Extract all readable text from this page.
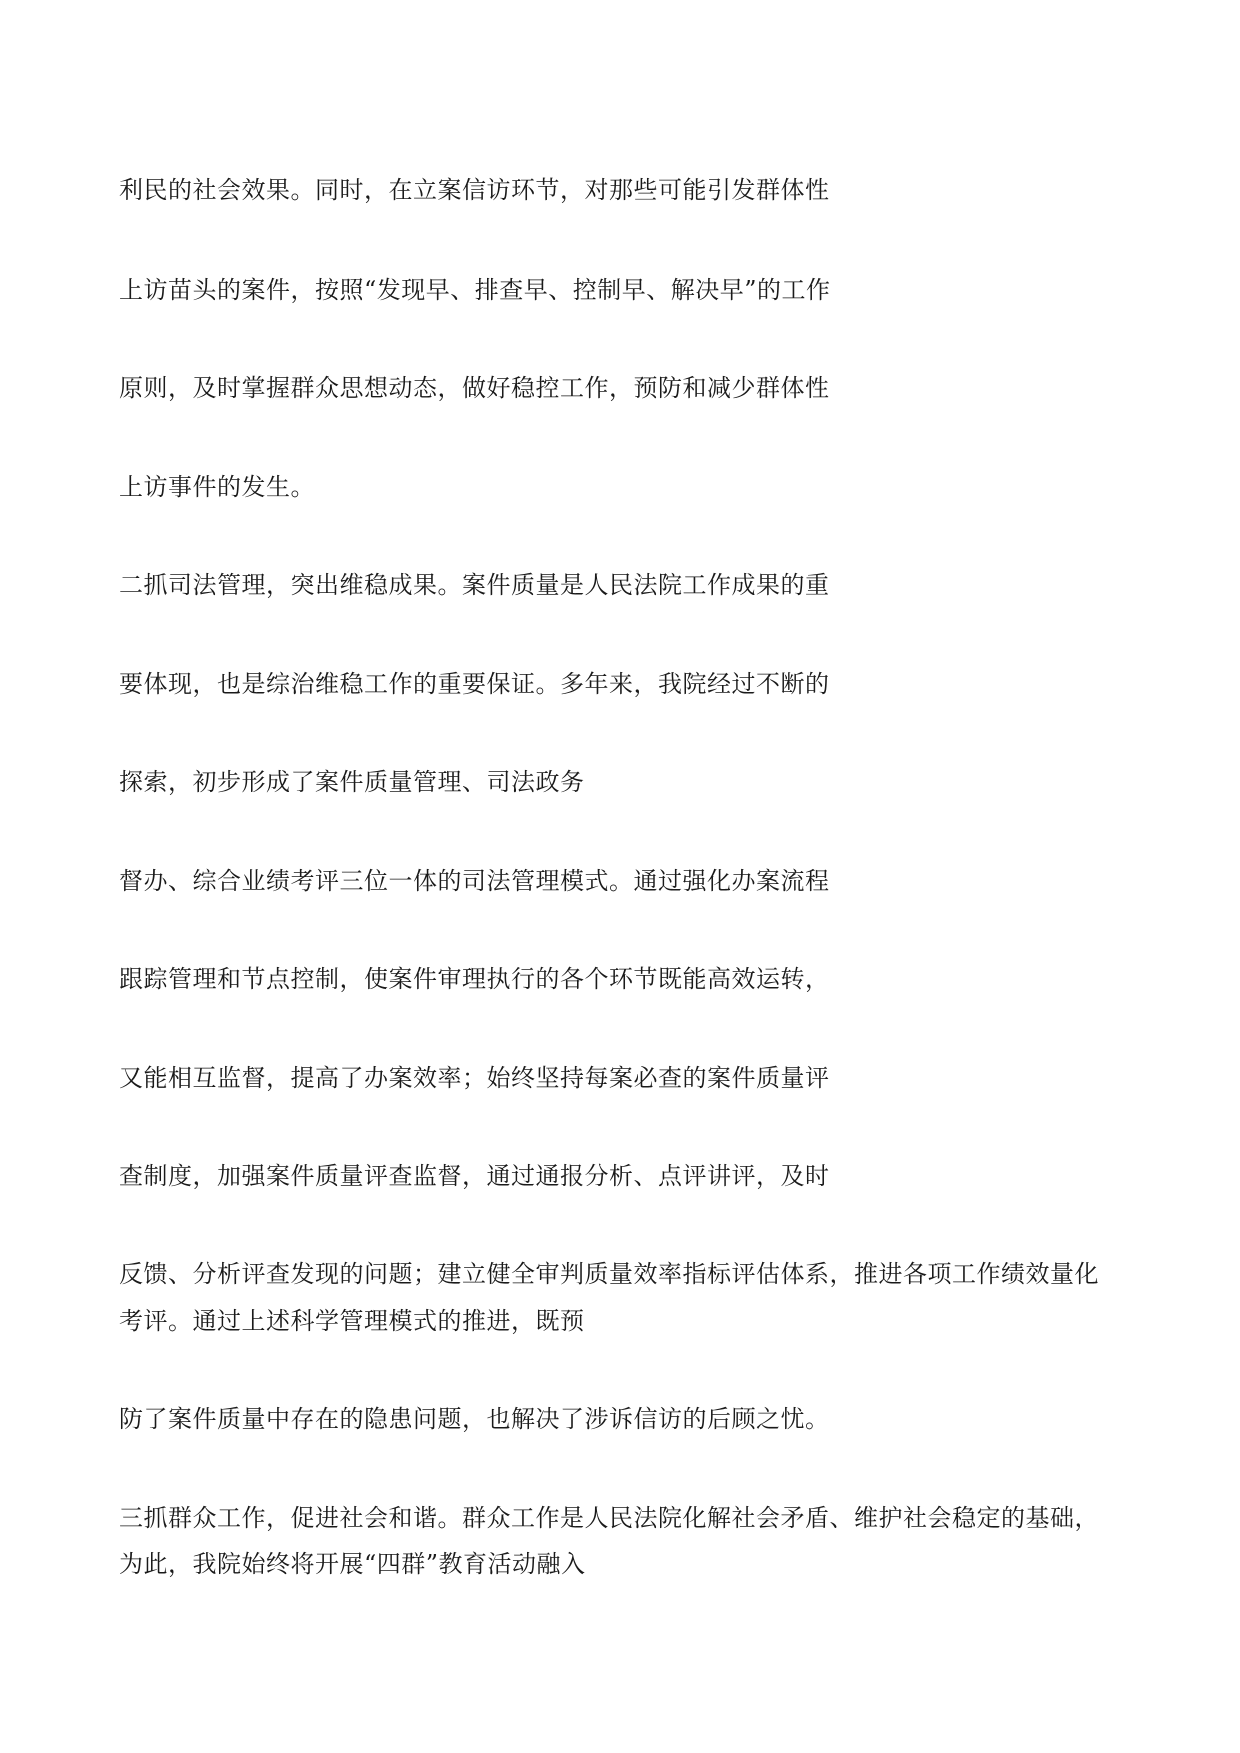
利民的社会效果。同时，在立案信访环节，对那些可能引发群体性
上访苗头的案件，按照“发现早、排查早、控制早、解决早”的工作
原则，及时掌握群众思想动态，做好稳控工作，预防和减少群体性
上访事件的发生。
二抓司法管理，突出维稳成果。案件质量是人民法院工作成果的重
要体现，也是综治维稳工作的重要保证。多年来，我院经过不断的
探索，初步形成了案件质量管理、司法政务
督办、综合业绩考评三位一体的司法管理模式。通过强化办案流程
跟踪管理和节点控制，使案件审理执行的各个环节既能高效运转，
又能相互监督，提高了办案效率；始终坚持每案必查的案件质量评
查制度，加强案件质量评查监督，通过通报分析、点评讲评，及时
反馈、分析评查发现的问题；建立健全审判质量效率指标评估体系，推进各项工作绩效量化
考评。通过上述科学管理模式的推进，既预
防了案件质量中存在的隐患问题，也解决了涉诉信访的后顾之忧。
三抓群众工作，促进社会和谐。群众工作是人民法院化解社会矛盾、维护社会稳定的基础，
为此，我院始终将开展“四群”教育活动融入
